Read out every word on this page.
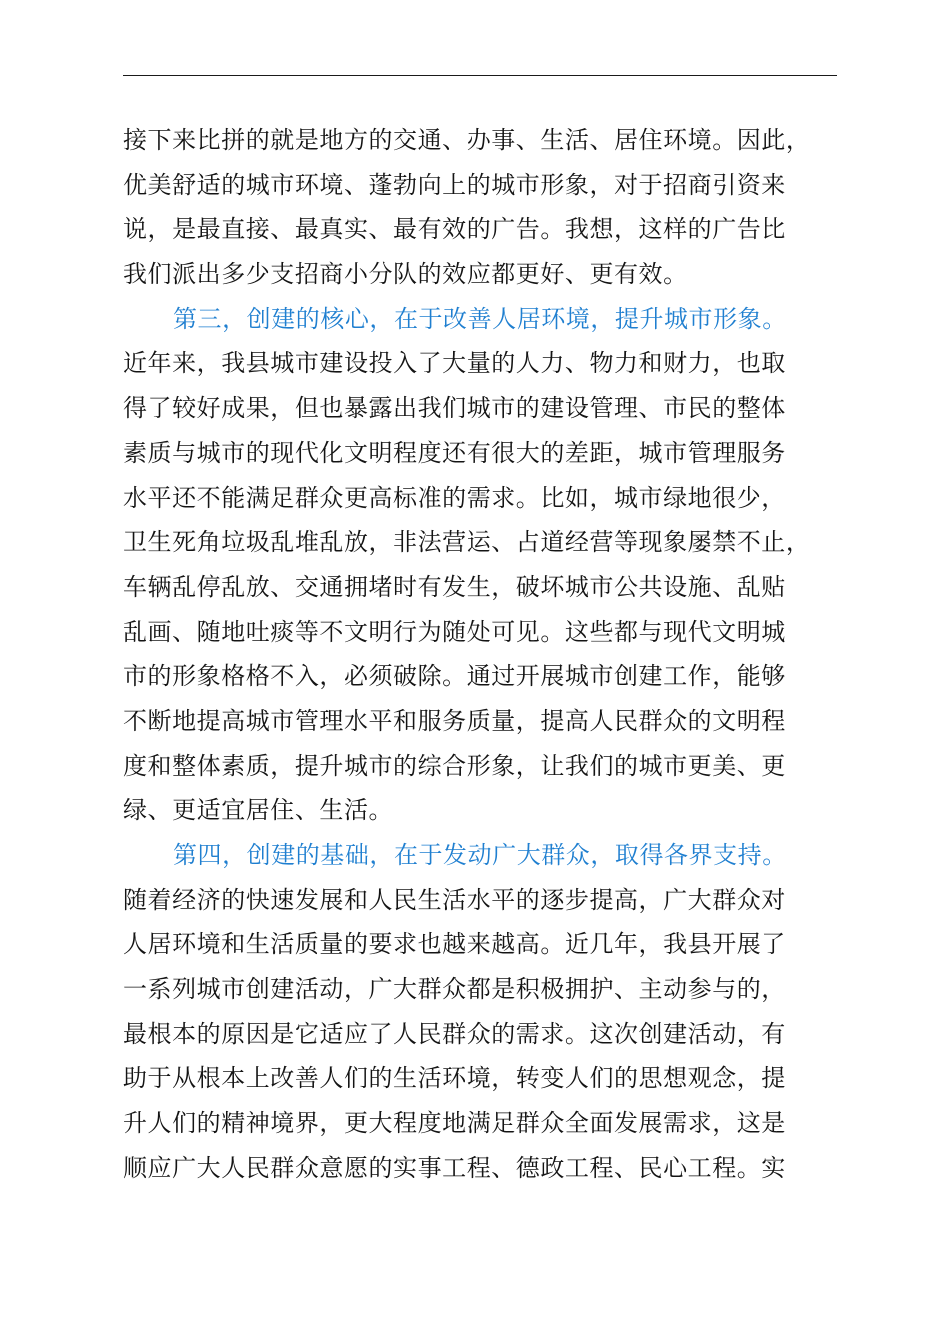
接下来比拼的就是地方的交通、办事、生活、居住环境。因此，
优美舒适的城市环境、蓬勃向上的城市形象，对于招商引资来
说，是最直接、最真实、最有效的广告。我想，这样的广告比
我们派出多少支招商小分队的效应都更好、更有效。
第三，创建的核心，在于改善人居环境，提升城市形象。
近年来，我县城市建设投入了大量的人力、物力和财力，也取
得了较好成果，但也暴露出我们城市的建设管理、市民的整体
素质与城市的现代化文明程度还有很大的差距，城市管理服务
水平还不能满足群众更高标准的需求。比如，城市绿地很少，
卫生死角垃圾乱堆乱放，非法营运、占道经营等现象屡禁不止，
车辆乱停乱放、交通拥堵时有发生，破坏城市公共设施、乱贴
乱画、随地吐痰等不文明行为随处可见。这些都与现代文明城
市的形象格格不入，必须破除。通过开展城市创建工作，能够
不断地提高城市管理水平和服务质量，提高人民群众的文明程
度和整体素质，提升城市的综合形象，让我们的城市更美、更
绿、更适宜居住、生活。
第四，创建的基础，在于发动广大群众，取得各界支持。
随着经济的快速发展和人民生活水平的逐步提高，广大群众对
人居环境和生活质量的要求也越来越高。近几年，我县开展了
一系列城市创建活动，广大群众都是积极拥护、主动参与的，
最根本的原因是它适应了人民群众的需求。这次创建活动，有
助于从根本上改善人们的生活环境，转变人们的思想观念，提
升人们的精神境界，更大程度地满足群众全面发展需求，这是
顺应广大人民群众意愿的实事工程、德政工程、民心工程。实
